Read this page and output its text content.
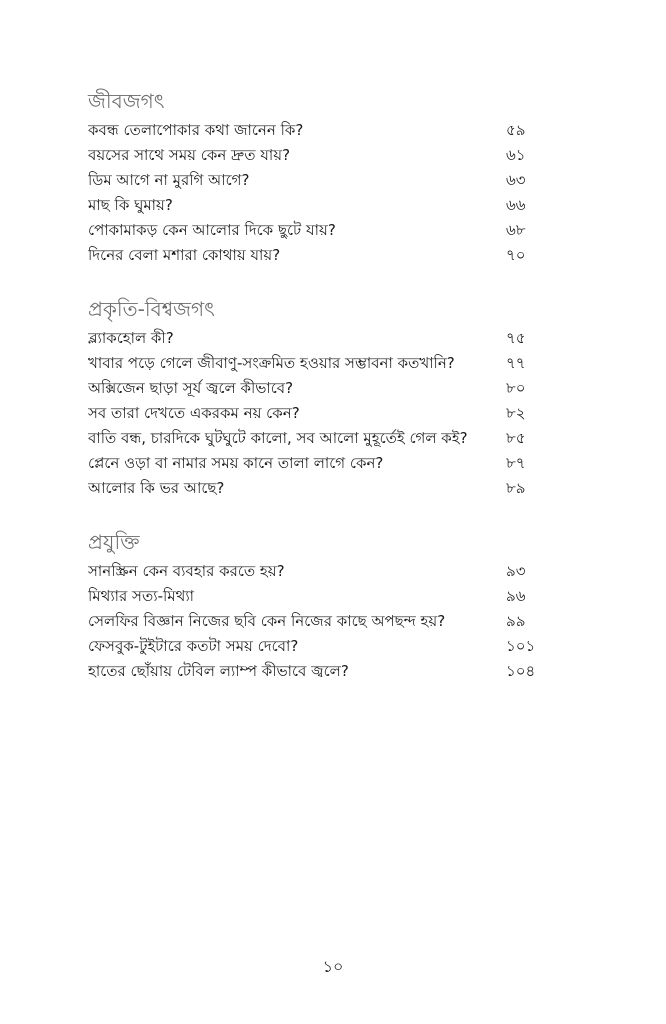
জীবজগৎ
কবন্ধ তেলাপোকার কথা জানেন কি?	৫৯
বয়সের সাথে সময় কেন দ্রুত যায়?	৬১
ডিম আগে না মুরগি আগে?	৬৩
মাছ কি ঘুমায়?	৬৬
পোকামাকড় কেন আলোর দিকে ছুটে যায়?	৬৮
দিনের বেলা মশারা কোথায় যায়?	৭০
প্রকৃতি-বিশ্বজগৎ
ব্ল্যাকহোল কী?	৭৫
খাবার পড়ে গেলে জীবাণু-সংক্রমিত হওয়ার সম্ভাবনা কতখানি?	৭৭
অক্সিজেন ছাড়া সূর্য জ্বলে কীভাবে?	৮০
সব তারা দেখতে একরকম নয় কেন?	৮২
বাতি বন্ধ, চারদিকে ঘুটঘুটে কালো, সব আলো মুহূর্তেই গেল কই?	৮৫
প্লেনে ওড়া বা নামার সময় কানে তালা লাগে কেন?	৮৭
আলোর কি ভর আছে?	৮৯
প্রযুক্তি
সানস্ক্রিন কেন ব্যবহার করতে হয়?	৯৩
মিথ্যার সত্য-মিথ্যা	৯৬
সেলফির বিজ্ঞান নিজের ছবি কেন নিজের কাছে অপছন্দ হয়?	৯৯
ফেসবুক-টুইটারে কতটা সময় দেবো?	১০১
হাতের ছোঁয়ায় টেবিল ল্যাম্প কীভাবে জ্বলে?	১০৪
১০
